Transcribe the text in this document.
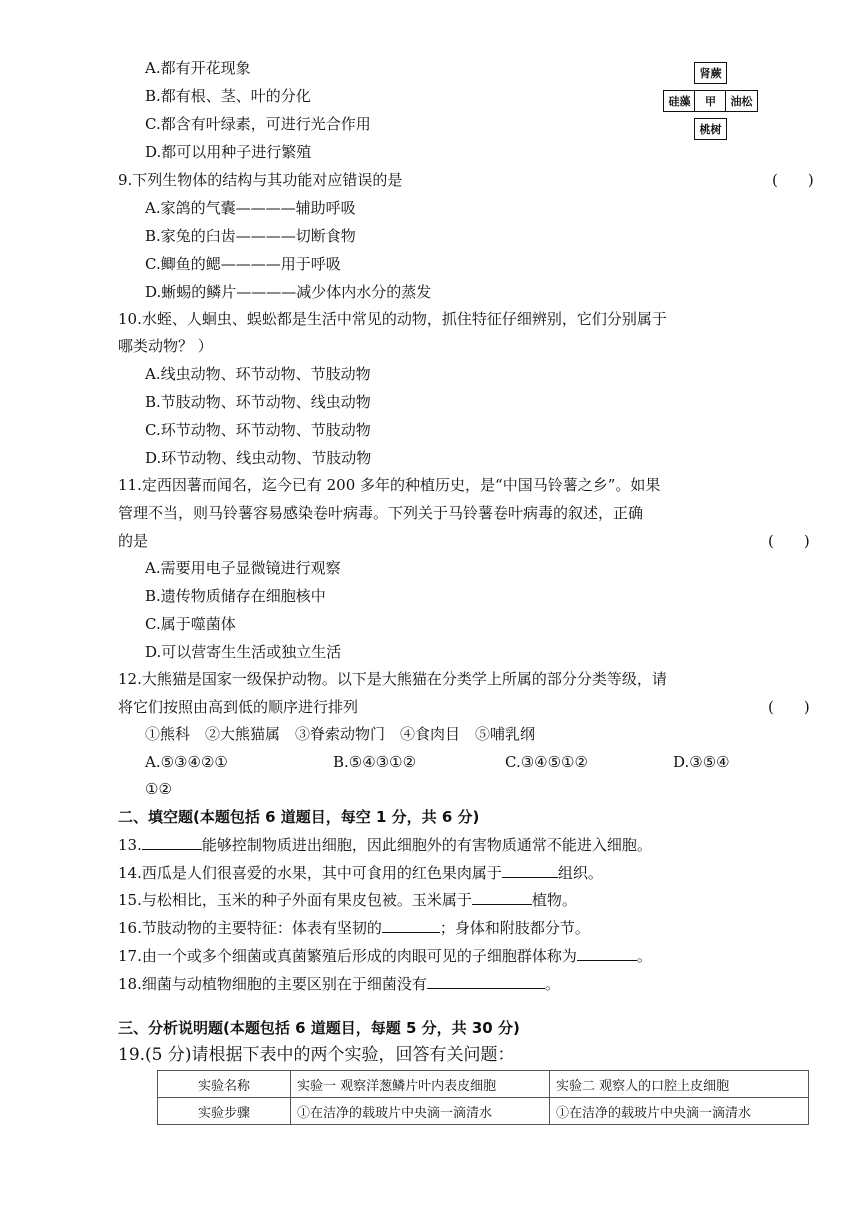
A.都有开花现象
B.都有根、茎、叶的分化
C.都含有叶绿素，可进行光合作用
D.都可以用种子进行繁殖
肾蕨
硅藻	甲	油松
桃树
9.下列生物体的结构与其功能对应错误的是	(　　)
A.家鸽的气囊————辅助呼吸
B.家兔的臼齿————切断食物
C.鲫鱼的鳃————用于呼吸
D.蜥蜴的鳞片————减少体内水分的蒸发
10.水蛭、人蛔虫、蜈蚣都是生活中常见的动物，抓住特征仔细辨别，它们分别属于
哪类动物？ ）
A.线虫动物、环节动物、节肢动物
B.节肢动物、环节动物、线虫动物
C.环节动物、环节动物、节肢动物
D.环节动物、线虫动物、节肢动物
11.定西因薯而闻名，迄今已有 200 多年的种植历史，是“中国马铃薯之乡”。如果
管理不当，则马铃薯容易感染卷叶病毒。下列关于马铃薯卷叶病毒的叙述，正确
的是	(　　)
A.需要用电子显微镜进行观察
B.遗传物质储存在细胞核中
C.属于噬菌体
D.可以营寄生生活或独立生活
12.大熊猫是国家一级保护动物。以下是大熊猫在分类学上所属的部分分类等级，请
将它们按照由高到低的顺序进行排列	(　　)
①熊科　②大熊猫属　③脊索动物门　④食肉目　⑤哺乳纲
A.⑤③④②①	B.⑤④③①②	C.③④⑤①②	D.③⑤④
①②
二、填空题(本题包括 6 道题目，每空 1 分，共 6 分)
13.	能够控制物质进出细胞，因此细胞外的有害物质通常不能进入细胞。
14.西瓜是人们很喜爱的水果，其中可食用的红色果肉属于	组织。
15.与松相比，玉米的种子外面有果皮包被。玉米属于	植物。
16.节肢动物的主要特征：体表有坚韧的	；身体和附肢都分节。
17.由一个或多个细菌或真菌繁殖后形成的肉眼可见的子细胞群体称为	。
18.细菌与动植物细胞的主要区别在于细菌没有	。
三、分析说明题(本题包括 6 道题目，每题 5 分，共 30 分)
19.(5 分)请根据下表中的两个实验，回答有关问题：
实验名称	实验一 观察洋葱鳞片叶内表皮细胞	实验二 观察人的口腔上皮细胞
实验步骤	①在洁净的载玻片中央滴一滴清水	①在洁净的载玻片中央滴一滴清水
